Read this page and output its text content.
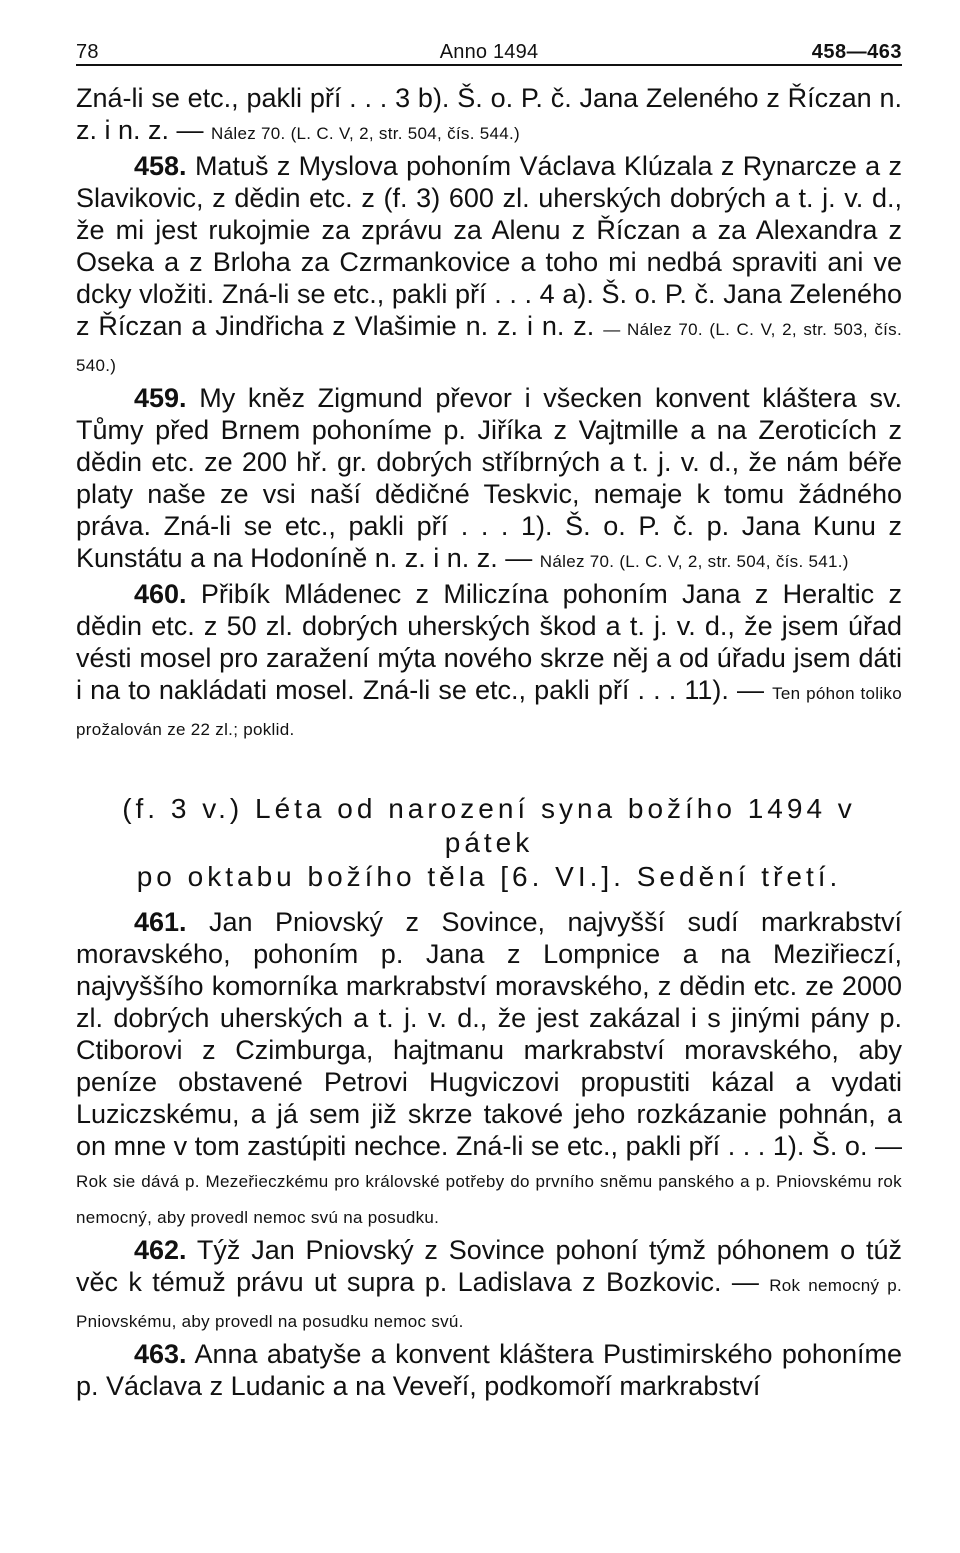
78	Anno 1494	458—463

Zná-li se etc., pakli pří . . . 3 b). Š. o. P. č. Jana Zeleného z Říczan n. z. i n. z. — Nález 70. (L. C. V, 2, str. 504, čís. 544.)

458. Matuš z Myslova pohoním Václava Klúzala z Rynarcze a z Slavikovic, z dědin etc. z (f. 3) 600 zl. uherských dobrých a t. j. v. d., že mi jest rukojmie za zprávu za Alenu z Říczan a za Alexandra z Oseka a z Brloha za Czrmankovice a toho mi nedbá spraviti ani ve dcky vložiti. Zná-li se etc., pakli pří . . . 4 a). Š. o. P. č. Jana Zeleného z Říczan a Jindřicha z Vlašimie n. z. i n. z. — Nález 70. (L. C. V, 2, str. 503, čís. 540.)

459. My kněz Zigmund převor i všecken konvent kláštera sv. Tůmy před Brnem pohoníme p. Jiříka z Vajtmille a na Zeroticích z dědin etc. ze 200 hř. gr. dobrých stříbrných a t. j. v. d., že nám béře platy naše ze vsi naší dědičné Teskvic, nemaje k tomu žádného práva. Zná-li se etc., pakli pří . . . 1). Š. o. P. č. p. Jana Kunu z Kunstátu a na Hodoníně n. z. i n. z. — Nález 70. (L. C. V, 2, str. 504, čís. 541.)

460. Přibík Mládenec z Miliczína pohoním Jana z Heraltic z dědin etc. z 50 zl. dobrých uherských škod a t. j. v. d., že jsem úřad vésti mosel pro zaražení mýta nového skrze něj a od úřadu jsem dáti i na to nakládati mosel. Zná-li se etc., pakli pří . . . 11). — Ten póhon toliko prožalován ze 22 zl.; poklid.

(f. 3 v.) Léta od narození syna božího 1494 v pátek
po oktabu božího těla [6. VI.]. Sedění třetí.

461. Jan Pniovský z Sovince, najvyšší sudí markrabství moravského, pohoním p. Jana z Lompnice a na Meziřieczí, najvyššího komorníka markrabství moravského, z dědin etc. ze 2000 zl. dobrých uherských a t. j. v. d., že jest zakázal i s jinými pány p. Ctiborovi z Czimburga, hajtmanu markrabství moravského, aby peníze obstavené Petrovi Hugviczovi propustiti kázal a vydati Luziczskému, a já sem již skrze takové jeho rozkázanie pohnán, a on mne v tom zastúpiti nechce. Zná-li se etc., pakli pří . . . 1). Š. o. — Rok sie dává p. Mezeřieczkému pro královské potřeby do prvního sněmu panského a p. Pniovskému rok nemocný, aby provedl nemoc svú na posudku.

462. Týž Jan Pniovský z Sovince pohoní týmž póhonem o túž věc k témuž právu ut supra p. Ladislava z Bozkovic. — Rok nemocný p. Pniovskému, aby provedl na posudku nemoc svú.

463. Anna abatyše a konvent kláštera Pustimirského pohoníme p. Václava z Ludanic a na Veveří, podkomoří markrabství
